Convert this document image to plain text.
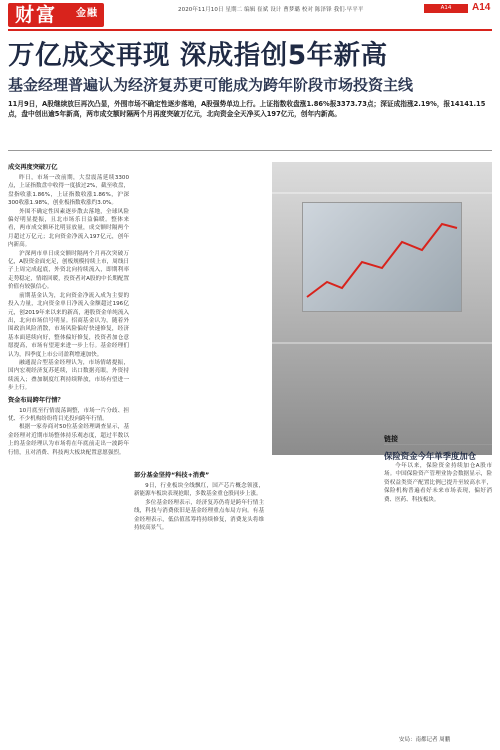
财富 金融	2020年11月10日 星期二 编辑 崔斌 设计 曹梦璐 校对 陈泽锋 我们·早平平	A14	A14
万亿成交再现 深成指创5年新高
基金经理普遍认为经济复苏更可能成为跨年阶段市场投资主线

11月9日，A股继续放巨再次凸显，外围市场不确定性逐步落地，A股强势单边上行。上证指数收盘涨1.86%报3373.73点；深证成指涨2.19%，报14141.15点，盘中创出逾5年新高，两市成交额时隔两个月再度突破万亿元，北向资金全天净买入197亿元，创年内新高。

成交再度突破万亿

昨日，市场一改前期，大盘震荡延续3300点，上证指数盘中收得一度拔过2%，截至收盘，盘指收涨1.86%，上证指数收涨1.86%，沪深300收涨1.98%，创业板指数收涨约3.0%。

外围不确定性因素逐步散去落地，全球风险偏好明显提振，且北市场乐日益偏暖。整体来看，两市成交额环比明显放量，成交额时隔两个月超过万亿元；北向资金净流入197亿元，创年内新高。

沪深两市单日成交额时隔两个月再次突破万亿，A股资金面充足，创板规模持续上市，周线日子上周完成起底，外资北向持续流入，即期利率走势稳定，情绪回暖，投资者对A股的中长期配置价值有较强信心。

前期基金认为，北向资金净流入成为主要的投入力量，北向资金单日净流入金额超过196亿元，创2019年来以来的新高，港股资金单纯流入出，北向市场信号明显。招商基金认为，随着外围政治风险消散，市场风险偏好快速修复，经济基本面延续向好，整体偏好修复，投资者加仓意愿提高，市场有望迎来进一步上行。基金经理们认为，四季度上市公司盈利增速加快。

融通混合型基金经理认为，市场情绪提振，国内宏观经济复苏延续，出口数据亮眼，外资持续流入；叠加制度红利持续释放，市场有望进一步上行。

资金布局跨年行情？

10月底至行情震荡调整，市场一片分歧、担忧、不少机构纷纷将目光投向跨年行情。

根据一家券商对50位基金经理调查显示，基金经理对近期市场整体持乐观态度，超过半数以上的基金经理认为市场将在年底前走出一波跨年行情，且对消费、科技两大板块配置意愿强烈。

部分基金坚持“科技+消费”

9日，行业板块全线飘红，国产芯片概念领涨，新能源车板块表现抢眼，多数基金重仓股同步上涨。

多位基金经理表示，经济复苏仍将是跨年行情主线，科技与消费依旧是基金经理重点布局方向。有基金经理表示，低估值蓝筹将持续修复，消费龙头将维持较高景气。

链接
保险资金今年单季度加仓

今年以来，保险资金持续加仓A股市场。中国保险资产管理业协会数据显示，险资权益类资产配置比例已提升至较高水平，保险机构普遍看好未来市场表现，偏好消费、医药、科技板块。

安局：南都记者 周鹏
